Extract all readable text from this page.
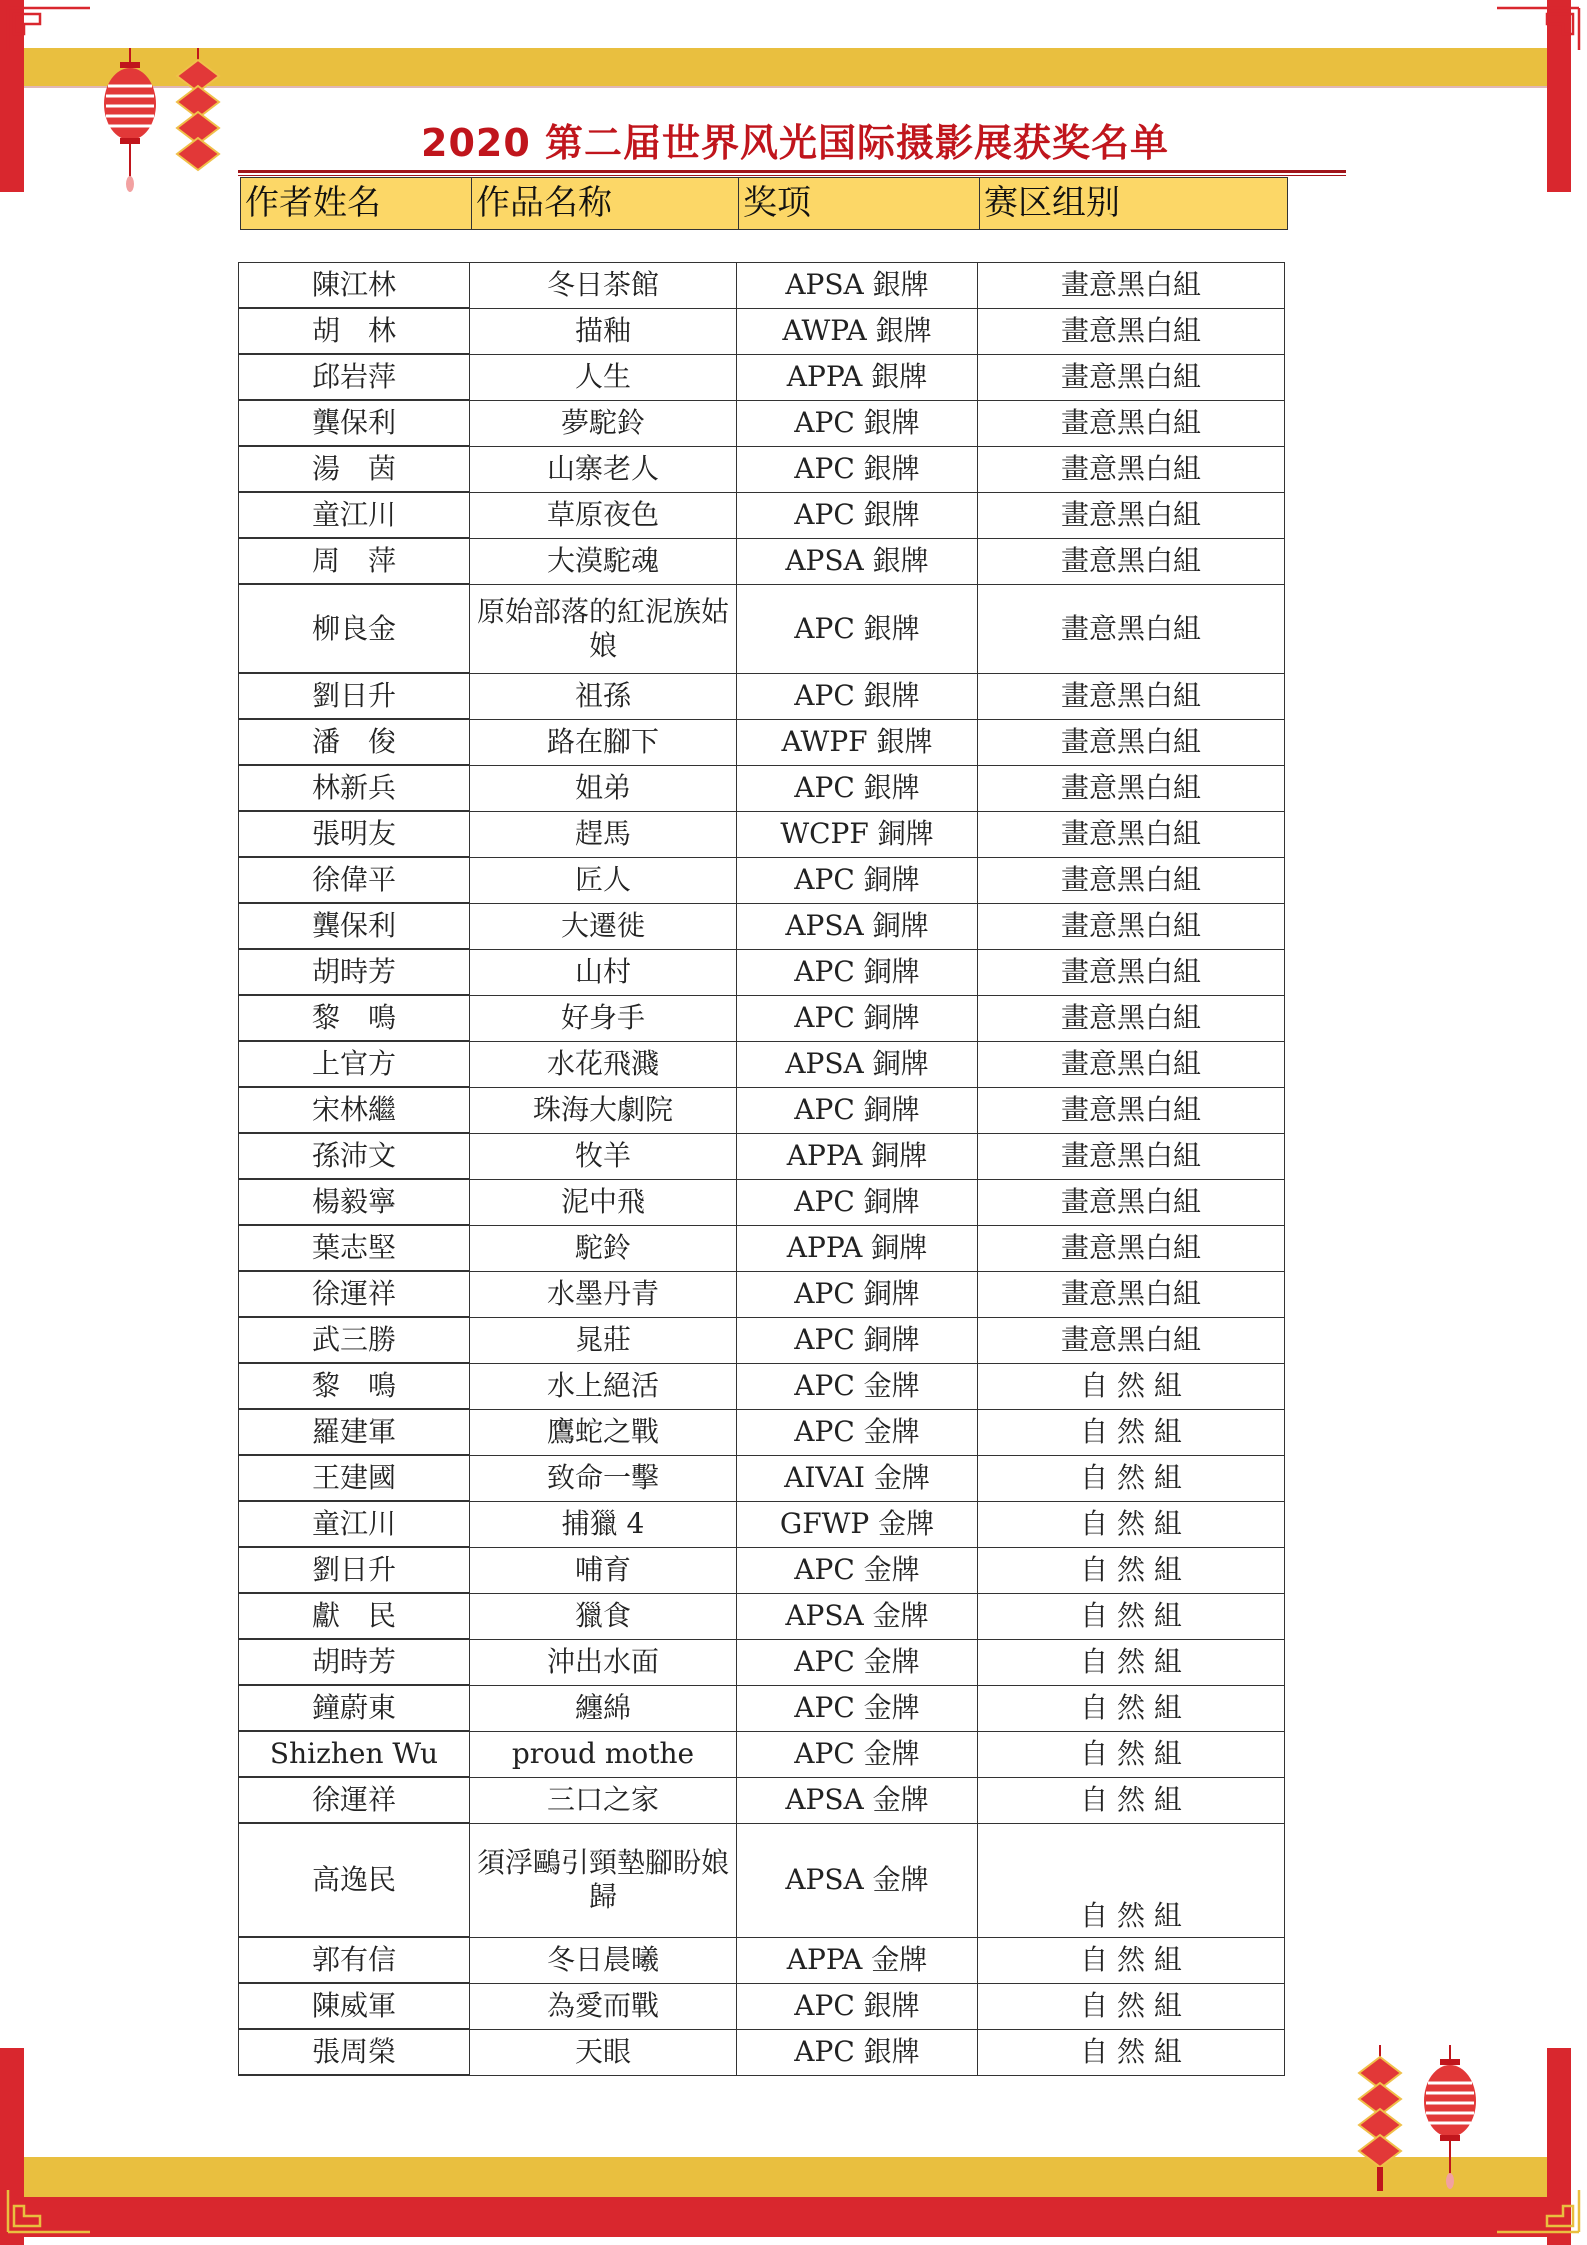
2020 第二届世界风光国际摄影展获奖名单
作者姓名	作品名称	奖项	赛区组别
陳江林	冬日茶館	APSA 銀牌	畫意黑白組
胡　林	描釉	AWPA 銀牌	畫意黑白組
邱岩萍	人生	APPA 銀牌	畫意黑白組
龔保利	夢駝鈴	APC 銀牌	畫意黑白組
湯　茵	山寨老人	APC 銀牌	畫意黑白組
童江川	草原夜色	APC 銀牌	畫意黑白組
周　萍	大漠駝魂	APSA 銀牌	畫意黑白組
柳良金	原始部落的紅泥族姑娘	APC 銀牌	畫意黑白組
劉日升	祖孫	APC 銀牌	畫意黑白組
潘　俊	路在腳下	AWPF 銀牌	畫意黑白組
林新兵	姐弟	APC 銀牌	畫意黑白組
張明友	趕馬	WCPF 銅牌	畫意黑白組
徐偉平	匠人	APC 銅牌	畫意黑白組
龔保利	大遷徙	APSA 銅牌	畫意黑白組
胡時芳	山村	APC 銅牌	畫意黑白組
黎　鳴	好身手	APC 銅牌	畫意黑白組
上官方	水花飛濺	APSA 銅牌	畫意黑白組
宋林繼	珠海大劇院	APC 銅牌	畫意黑白組
孫沛文	牧羊	APPA 銅牌	畫意黑白組
楊毅寧	泥中飛	APC 銅牌	畫意黑白組
葉志堅	駝鈴	APPA 銅牌	畫意黑白組
徐運祥	水墨丹青	APC 銅牌	畫意黑白組
武三勝	晁莊	APC 銅牌	畫意黑白組
黎　鳴	水上絕活	APC 金牌	自 然 組
羅建軍	鷹蛇之戰	APC 金牌	自 然 組
王建國	致命一擊	AIVAI 金牌	自 然 組
童江川	捕獵 4	GFWP 金牌	自 然 組
劉日升	哺育	APC 金牌	自 然 組
獻　民	獵食	APSA 金牌	自 然 組
胡時芳	沖出水面	APC 金牌	自 然 組
鐘蔚東	纏綿	APC 金牌	自 然 組
Shizhen Wu	proud mothe	APC 金牌	自 然 組
徐運祥	三口之家	APSA 金牌	自 然 組
高逸民	須浮鷗引頸墊腳盼娘歸	APSA 金牌	自 然 組
郭有信	冬日晨曦	APPA 金牌	自 然 組
陳威軍	為愛而戰	APC 銀牌	自 然 組
張周榮	天眼	APC 銀牌	自 然 組
